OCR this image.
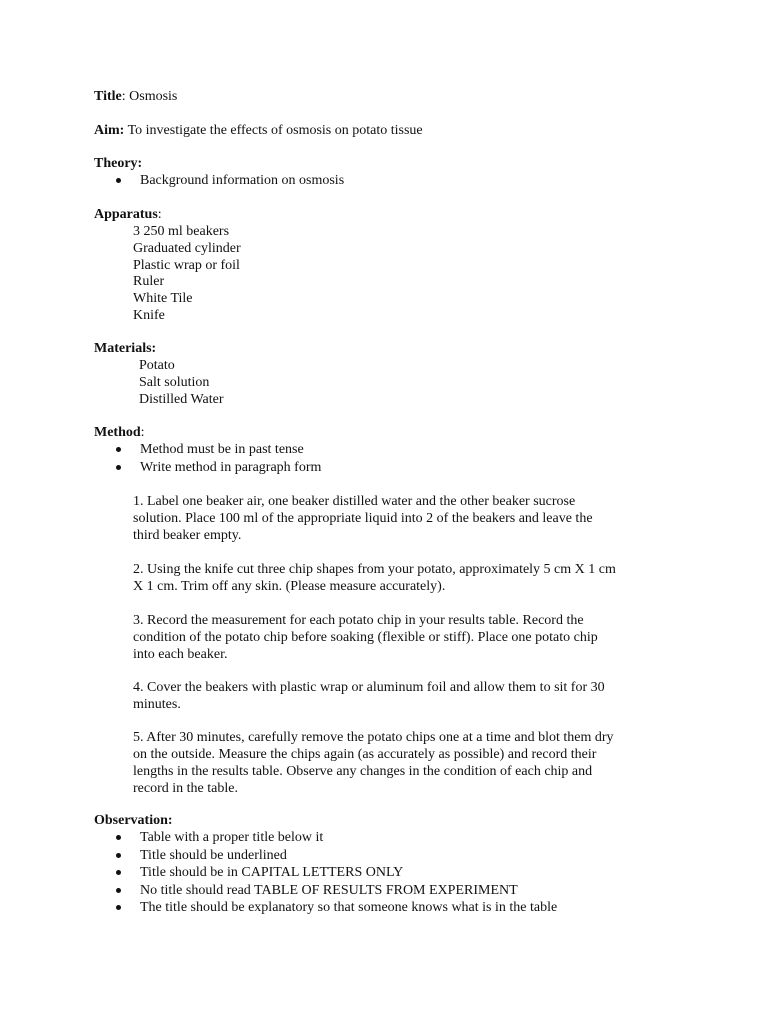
Title: Osmosis
Aim: To investigate the effects of osmosis on potato tissue
Theory:
Background information on osmosis
Apparatus:
3 250 ml beakers
Graduated cylinder
Plastic wrap or foil
Ruler
White Tile
Knife
Materials:
Potato
Salt solution
Distilled Water
Method:
Method must be in past tense
Write method in paragraph form
1. Label one beaker air, one beaker distilled water and the other beaker sucrose
solution. Place 100 ml of the appropriate liquid into 2 of the beakers and leave the
third beaker empty.
2. Using the knife cut three chip shapes from your potato, approximately 5 cm X 1 cm
X 1 cm. Trim off any skin. (Please measure accurately).
3. Record the measurement for each potato chip in your results table. Record the
condition of the potato chip before soaking (flexible or stiff). Place one potato chip
into each beaker.
4. Cover the beakers with plastic wrap or aluminum foil and allow them to sit for 30
minutes.
5. After 30 minutes, carefully remove the potato chips one at a time and blot them dry
on the outside. Measure the chips again (as accurately as possible) and record their
lengths in the results table. Observe any changes in the condition of each chip and
record in the table.
Observation:
Table with a proper title below it
Title should be underlined
Title should be in CAPITAL LETTERS ONLY
No title should read TABLE OF RESULTS FROM EXPERIMENT
The title should be explanatory so that someone knows what is in the table
